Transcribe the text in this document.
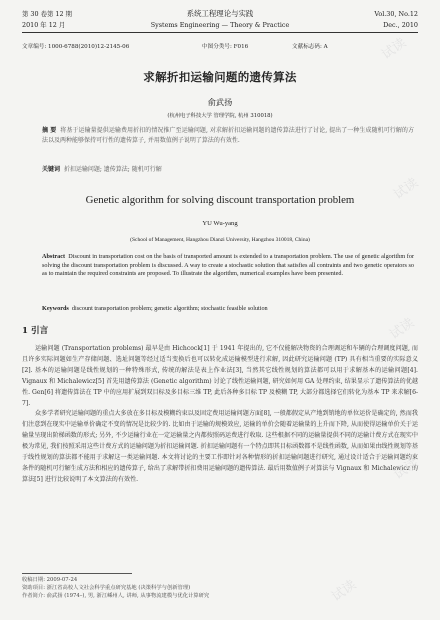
第 30 卷第 12 期	系统工程理论与实践	Vol.30, No.12
2010 年 12 月	Systems Engineering — Theory & Practice	Dec., 2010
文章编号: 1000-6788(2010)12-2145-06	中图分类号: F016	文献标志码: A
求解折扣运输问题的遗传算法
俞武扬
(杭州电子科技大学 管理学院, 杭州 310018)
摘 要 将基于运输量提供运输费用折扣的情况推广至运输问题, 对求解折扣运输问题的遗传算法进行了讨论, 提出了一种生成随机可行解的方法以及两种能够保持可行性的遗传算子, 并用数值例子说明了算法的有效性.
关键词 折扣运输问题; 遗传算法; 随机可行解
Genetic algorithm for solving discount transportation problem
YU Wu-yang
(School of Management, Hangzhou Dianzi University, Hangzhou 310018, China)
Abstract Discount in transportation cost on the basis of transported amount is extended to a transportation problem. The use of genetic algorithm for solving the discount transportation problem is discussed. A way to create a stochastic solution that satisfies all contraints and two genetic operators so as to maintain the required constraints are proposed. To illustrate the algorithm, numerical examples have been presented.
Keywords discount transportation problem; genetic algorithm; stochastic feasible solution
1 引言

运输问题 (Transportation problems) 最早是由 Hichcock[1] 于 1941 年提出的, 它不仅能解决物资的合理调运和车辆的合理调度问题, 而且许多实际问题如生产存储问题、选址问题等经过适当变换后也可以转化成运输模型进行求解, 因此研究运输问题 (TP) 具有相当重要的实际意义[2]. 基本的运输问题是线性规划的一种特殊形式, 传统的解法是表上作业法[3], 当然其它线性规划的算法都可以用于求解基本的运输问题[4]. Vignaux 和 Michalewicz[5] 首先用遗传算法 (Genetic algorithm) 讨论了线性运输问题, 研究如何用 GA 处理约束, 结果显示了遗传算法的优越性. Gen[6] 将遗传算法在 TP 中的应用扩展到双目标及多目标三维 TP, 此后各种多目标 TP 及模糊 TP, 大部分都选择它们转化为基本 TP 来求解[6-7].

众多学者研究运输问题的重点大多放在多目标及模糊约束以及固定费用运输问题方面[8], 一般都假定从产地到销地的单位运价是确定的, 然而我们注意到在现实中运输单价确定不变的情况是比较少的. 比如由于运输的规模效应, 运输的单价会随着运输量的上升而下降, 从而使得运输单价关于运输量呈现出阶梯函数的形式; 另外, 不少运输行业在一定运输量之内都按照码运费进行收取. 这些根据不同的运输量提供不同的运输计费方式在现实中极为常见, 我们按照采用这些计费方式的运输问题为折扣运输问题. 折扣运输问题有一个特点即其目标函数都不是线性函数, 从而如果由线性规划等基于线性规划的算法都不能用于求解这一类运输问题. 本文将讨论的主要工作即针对各种情形的折扣运输问题进行研究, 通过设计适合于运输问题约束条件的随机可行解生成方法和相应的遗传算子, 给出了求解带折扣费用运输问题的遗传算法. 最后用数值例子对算法与 Vignaux 和 Michalewicz 的算法[5] 进行比较说明了本文算法的有效性.

收稿日期: 2009-07-24
资助项目: 浙江省高校人文社会科学重点研究基地 (决策科学与创新管理)
作者简介: 俞武扬 (1974–), 男, 浙江嵊州人, 讲师, 从事物流建模与优化计算研究
试读
试读
试读
试读
试读
